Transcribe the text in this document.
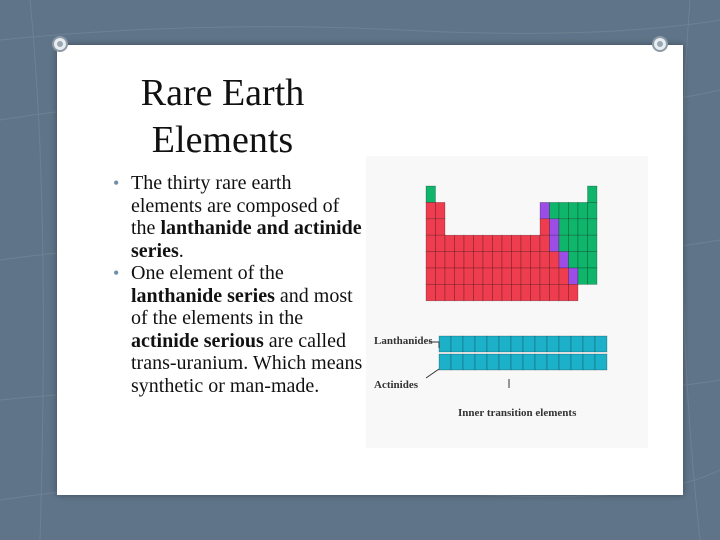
Rare Earth
Elements
• The thirty rare earth elements are composed of the lanthanide and actinide series.
• One element of the lanthanide series and most of the elements in the actinide serious are called trans-uranium. Which means synthetic or man-made.
Lanthanides
Actinides
Inner transition elements
